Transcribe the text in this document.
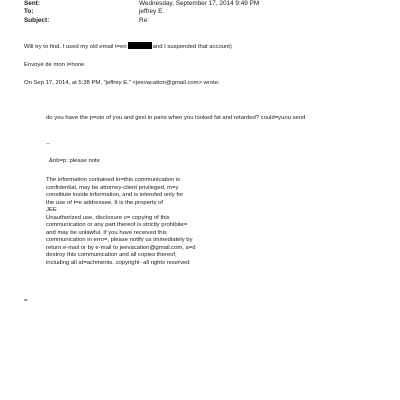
Sent:	Wednesday, September 17, 2014 9:49 PM
To:	jeffrey E.
Subject:	Re:
Will try to find. I used my old email t=en	and I suspended that account)
Envoyé de mon i=hone
On Sep 17, 2014, at 5:38 PM, "jeffrey E." <jeevacation@gmail.com> wrote:
do you have the p=oto of you and girsl in paris when you looked fat and retarded? could=yuou send
--
&nb=p; please note
The information contained in=this communication is
confidential, may be attorney-client privileged, m=y
constitute inside information, and is intended only for
the use of t=e addressee. It is the property of
JEE
Unauthorized use, disclosure o= copying of this
communication or any part thereof is strictly prohibite=
and may be unlawful. If you have received this
communication in erro=, please notify us immediately by
return e-mail or by e-mail to jeevacation@gmail.com, a=d
destroy this communication and all copies thereof,
including all at=achments. copyright -all rights reserved
=
